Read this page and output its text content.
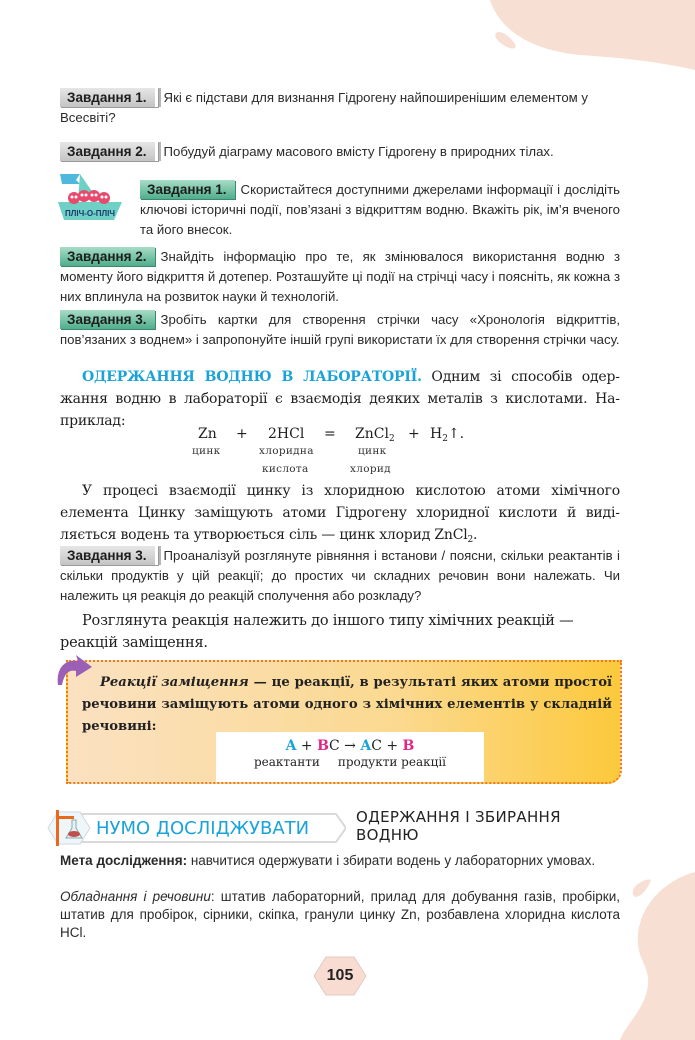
Завдання 1. Які є підстави для визнання Гідрогену найпоширенішим елементом у Всесвіті?
Завдання 2. Побудуй діаграму масового вмісту Гідрогену в природних тілах.
ПЛІЧ-О-ПЛІЧ
Завдання 1. Скористайтеся доступними джерелами інформації і дослідіть ключові історичні події, пов’язані з відкриттям водню. Вкажіть рік, ім’я вченого та його внесок.
Завдання 2. Знайдіть інформацію про те, як змінювалося використання водню з моменту його відкриття й дотепер. Розташуйте ці події на стрічці часу і поясніть, як кожна з них вплинула на розвиток науки й технологій.
Завдання 3. Зробіть картки для створення стрічки часу «Хронологія відкриттів, пов’язаних з воднем» і запропонуйте іншій групі використати їх для створення стрічки часу.
ОДЕРЖАННЯ ВОДНЮ В ЛАБОРАТОРІЇ. Одним зі способів одержання водню в лабораторії є взаємодія деяких металів з кислотами. Наприклад:
Zn + 2HCl = ZnCl$_2$ + $H_2↑$.
цинк	хлоридна
кислота
цинк
хлорид
У процесі взаємодії цинку із хлоридною кислотою атоми хімічного елемента Цинку заміщують атоми Гідрогену хлоридної кислоти й виділяється водень та утворюється сіль — цинк хлорид ZnCl$_2$.
Завдання 3. Проаналізуй розглянуте рівняння і встанови / поясни, скільки реактантів і скільки продуктів у цій реакції; до простих чи складних речовин вони належать. Чи належить ця реакція до реакцій сполучення або розкладу?
Розглянута реакція належить до іншого типу хімічних реакцій — реакцій заміщення.
Реакції заміщення — це реакції, в результаті яких атоми простої речовини заміщують атоми одного з хімічних елементів у складній речовині:
A + BC → AC + B
реактанти продукти реакції
НУМО ДОСЛІДЖУВАТИ
ОДЕРЖАННЯ І ЗБИРАННЯ ВОДНЮ
Мета дослідження: навчитися одержувати і збирати водень у лабораторних умовах.
Обладнання і речовини: штатив лабораторний, прилад для добування газів, пробірки, штатив для пробірок, сірники, скіпка, гранули цинку Zn, розбавлена хлоридна кислота HCl.
105
